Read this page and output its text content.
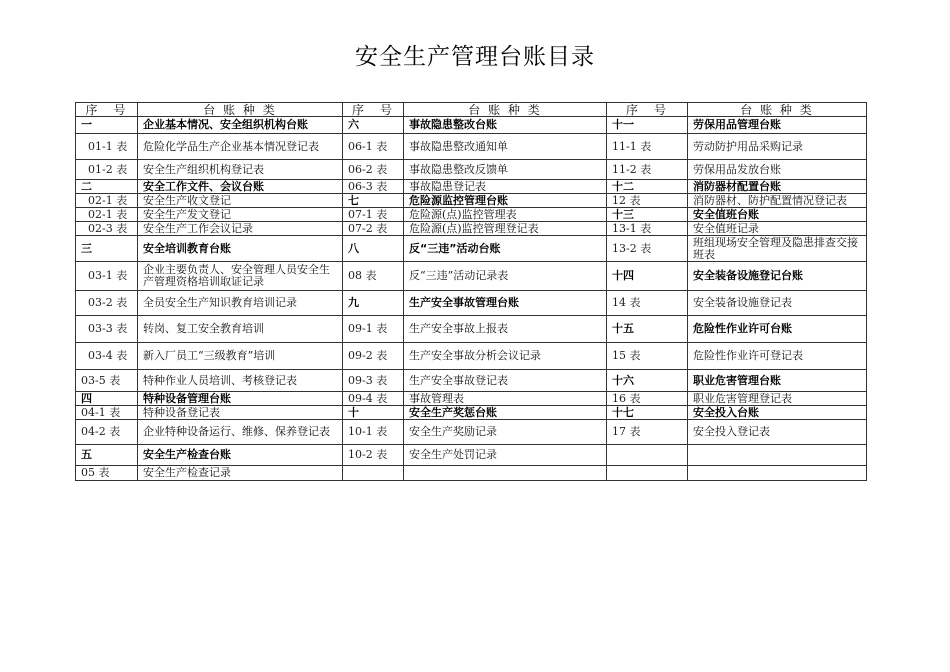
安全生产管理台账目录
序　号	台 账 种 类	序　号	台 账 种 类	序　号	台 账 种 类
一	企业基本情况、安全组织机构台账	六	事故隐患整改台账	十一	劳保用品管理台账
01-1 表	危险化学品生产企业基本情况登记表	06-1 表	事故隐患整改通知单	11-1 表	劳动防护用品采购记录
01-2 表	安全生产组织机构登记表	06-2 表	事故隐患整改反馈单	11-2 表	劳保用品发放台账
二	安全工作文件、会议台账	06-3 表	事故隐患登记表	十二	消防器材配置台账
02-1 表	安全生产收文登记	七	危险源监控管理台账	12 表	消防器材、防护配置情况登记表
02-1 表	安全生产发文登记	07-1 表	危险源(点)监控管理表	十三	安全值班台账
02-3 表	安全生产工作会议记录	07-2 表	危险源(点)监控管理登记表	13-1 表	安全值班记录
三	安全培训教育台账	八	反“三违”活动台账	13-2 表	班组现场安全管理及隐患排查交接班表
03-1 表	企业主要负责人、安全管理人员安全生产管理资格培训取证记录	08 表	反“三违”活动记录表	十四	安全装备设施登记台账
03-2 表	全员安全生产知识教育培训记录	九	生产安全事故管理台账	14 表	安全装备设施登记表
03-3 表	转岗、复工安全教育培训	09-1 表	生产安全事故上报表	十五	危险性作业许可台账
03-4 表	新入厂员工“三级教育”培训	09-2 表	生产安全事故分析会议记录	15 表	危险性作业许可登记表
03-5 表	特种作业人员培训、考核登记表	09-3 表	生产安全事故登记表	十六	职业危害管理台账
四	特种设备管理台账	09-4 表	事故管理表	16 表	职业危害管理登记表
04-1 表	特种设备登记表	十	安全生产奖惩台账	十七	安全投入台账
04-2 表	企业特种设备运行、维修、保养登记表	10-1 表	安全生产奖励记录	17 表	安全投入登记表
五	安全生产检查台账	10-2 表	安全生产处罚记录		
05 表	安全生产检查记录				
